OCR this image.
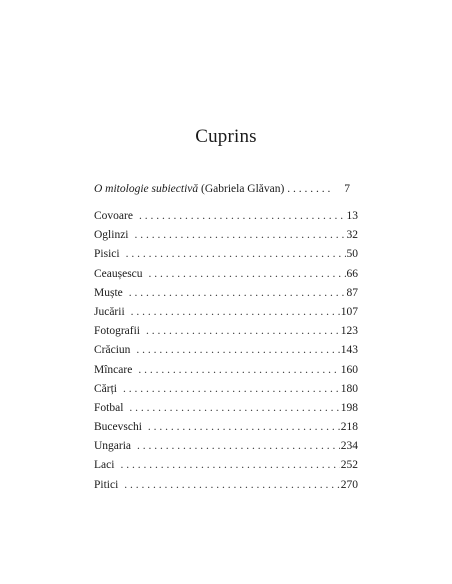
Cuprins
O mitologie subiectivă (Gabriela Glăvan) . . . . . . . . 7
Covoare . . .	13
Oglinzi . . .	32
Pisici . . .	50
Ceaușescu . . .	66
Muște . . .	87
Jucării . . .	107
Fotografii . . .	123
Crăciun . . .	143
Mîncare . . .	160
Cărți . . .	180
Fotbal . . .	198
Bucevschi . . .	218
Ungaria . . .	234
Laci . . .	252
Pitici . . .	270
